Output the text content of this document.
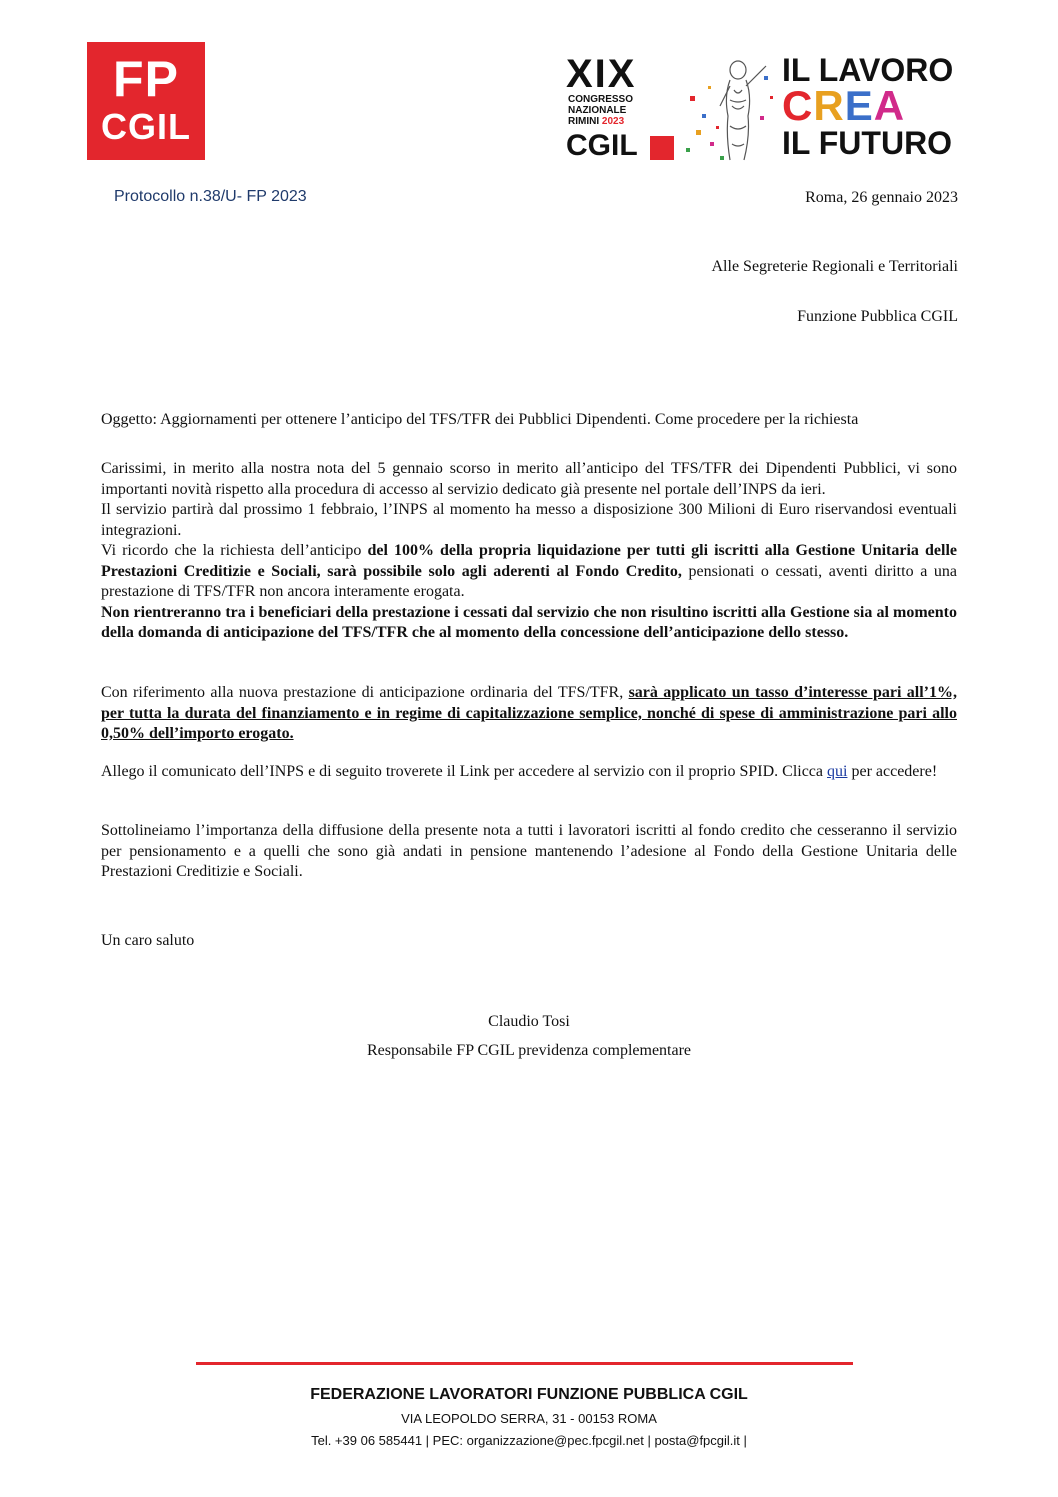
FP
CGIL
XIX
CONGRESSO
NAZIONALE
RIMINI 2023
CGIL
IL LAVORO
CREA
IL FUTURO
Protocollo n.38/U- FP 2023	Roma, 26 gennaio 2023
Alle Segreterie Regionali e Territoriali
Funzione Pubblica CGIL
Oggetto: Aggiornamenti per ottenere l’anticipo del TFS/TFR dei Pubblici Dipendenti. Come procedere per la richiesta
Carissimi, in merito alla nostra nota del 5 gennaio scorso in merito all’anticipo del TFS/TFR dei Dipendenti Pubblici, vi sono importanti novità rispetto alla procedura di accesso al servizio dedicato già presente nel portale dell’INPS da ieri.
Il servizio partirà dal prossimo 1 febbraio, l’INPS al momento ha messo a disposizione 300 Milioni di Euro riservandosi eventuali integrazioni.
Vi ricordo che la richiesta dell’anticipo del 100% della propria liquidazione per tutti gli iscritti alla Gestione Unitaria delle Prestazioni Creditizie e Sociali, sarà possibile solo agli aderenti al Fondo Credito, pensionati o cessati, aventi diritto a una prestazione di TFS/TFR non ancora interamente erogata.
Non rientreranno tra i beneficiari della prestazione i cessati dal servizio che non risultino iscritti alla Gestione sia al momento della domanda di anticipazione del TFS/TFR che al momento della concessione dell’anticipazione dello stesso.
Con riferimento alla nuova prestazione di anticipazione ordinaria del TFS/TFR, sarà applicato un tasso d’interesse pari all’1%, per tutta la durata del finanziamento e in regime di capitalizzazione semplice, nonché di spese di amministrazione pari allo 0,50% dell’importo erogato.
Allego il comunicato dell’INPS e di seguito troverete il Link per accedere al servizio con il proprio SPID. Clicca qui per accedere!
Sottolineiamo l’importanza della diffusione della presente nota a tutti i lavoratori iscritti al fondo credito che cesseranno il servizio per pensionamento e a quelli che sono già andati in pensione mantenendo l’adesione al Fondo della Gestione Unitaria delle Prestazioni Creditizie e Sociali.
Un caro saluto
Claudio Tosi
Responsabile FP CGIL previdenza complementare
FEDERAZIONE LAVORATORI FUNZIONE PUBBLICA CGIL
VIA LEOPOLDO SERRA, 31 - 00153 ROMA
Tel. +39 06 585441 | PEC: organizzazione@pec.fpcgil.net | posta@fpcgil.it |
